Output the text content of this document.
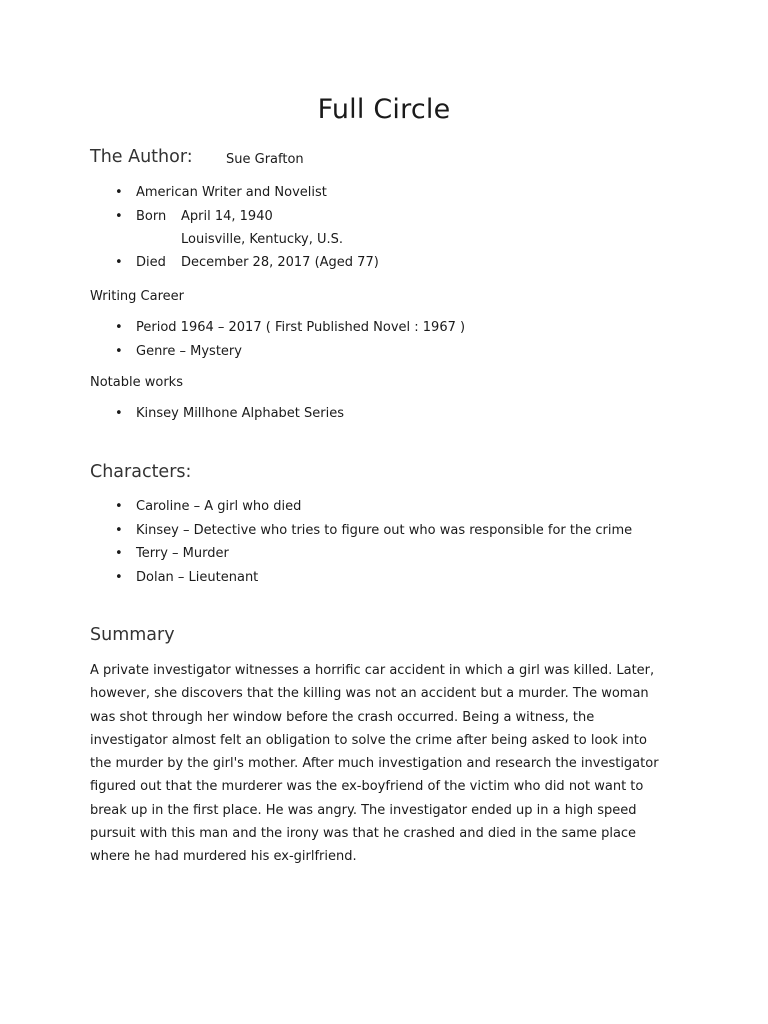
Full Circle
The Author:	Sue Grafton

• American Writer and Novelist
• Born April 14, 1940
Louisville, Kentucky, U.S.
• Died December 28, 2017 (Aged 77)

Writing Career

• Period 1964 – 2017 ( First Published Novel : 1967 )
• Genre – Mystery

Notable works

• Kinsey Millhone Alphabet Series
Characters:
• Caroline – A girl who died
• Kinsey – Detective who tries to figure out who was responsible for the crime
• Terry – Murder
• Dolan – Lieutenant
Summary
A private investigator witnesses a horrific car accident in which a girl was killed. Later,
however, she discovers that the killing was not an accident but a murder. The woman
was shot through her window before the crash occurred. Being a witness, the
investigator almost felt an obligation to solve the crime after being asked to look into
the murder by the girl's mother. After much investigation and research the investigator
figured out that the murderer was the ex-boyfriend of the victim who did not want to
break up in the first place. He was angry. The investigator ended up in a high speed
pursuit with this man and the irony was that he crashed and died in the same place
where he had murdered his ex-girlfriend.
